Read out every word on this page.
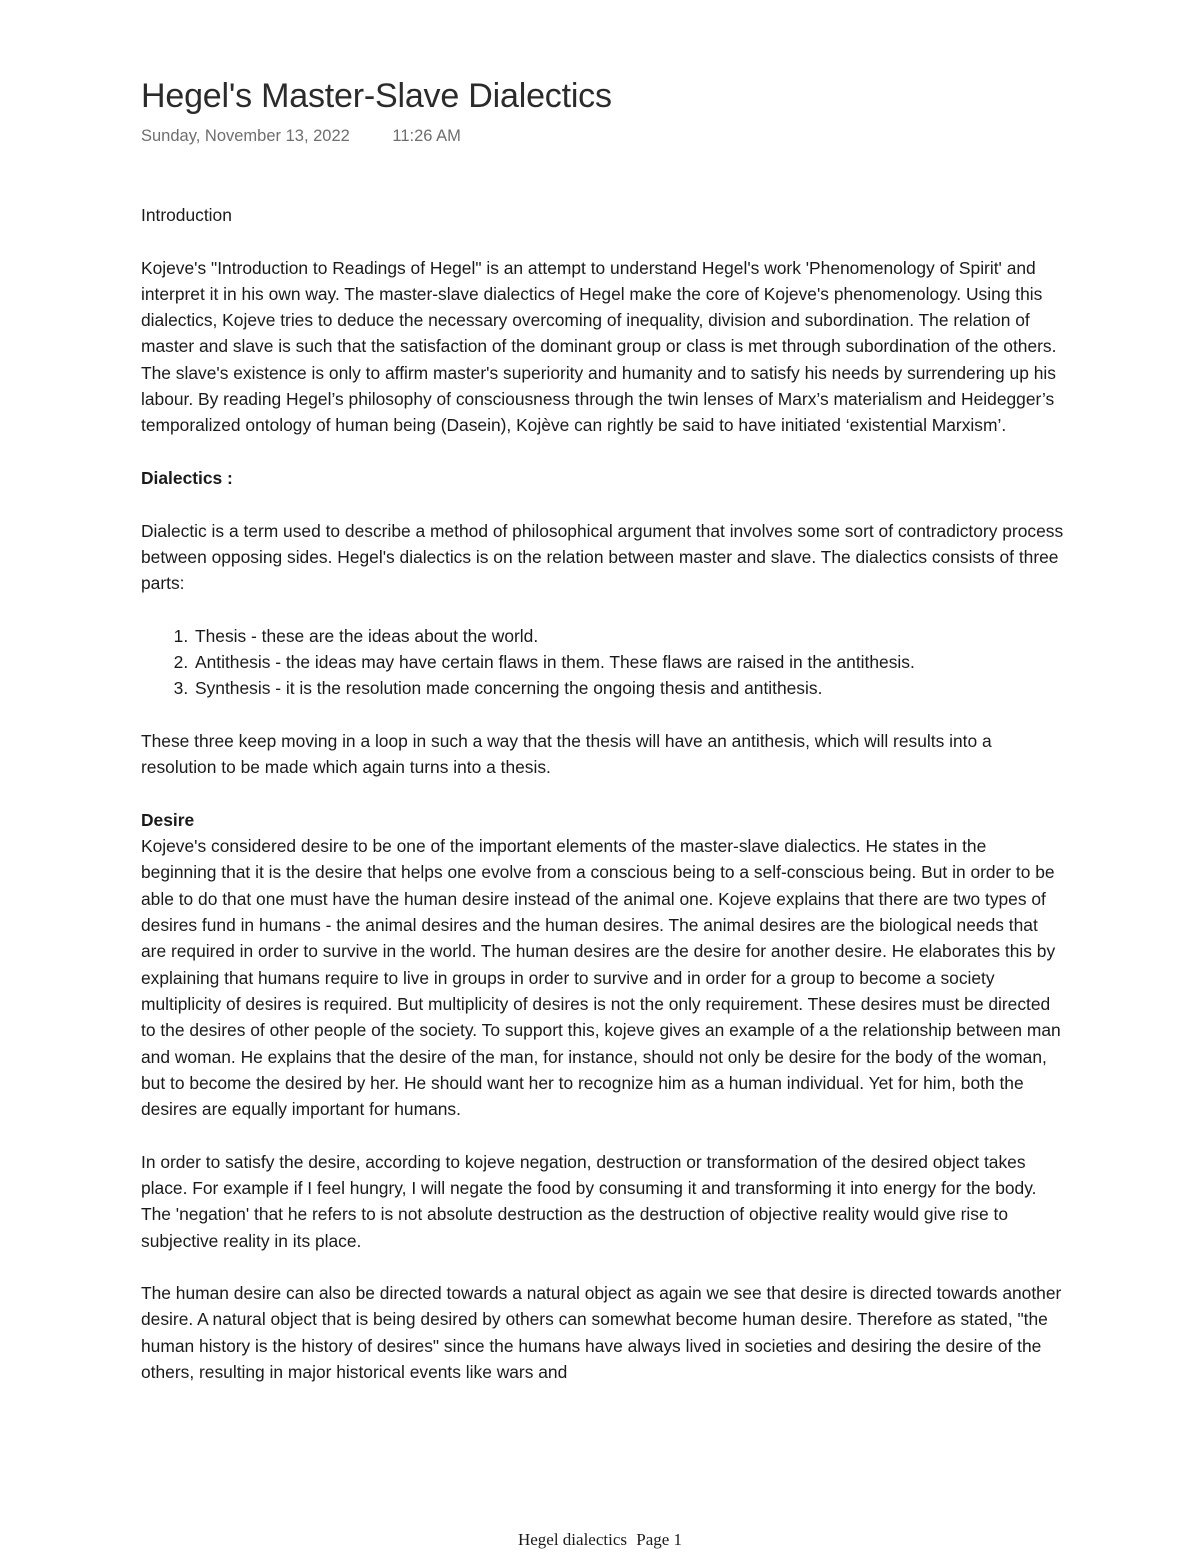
Hegel's Master-Slave Dialectics
Sunday, November 13, 2022	11:26 AM

Introduction

Kojeve's "Introduction to Readings of Hegel" is an attempt to understand Hegel's work 'Phenomenology of Spirit' and interpret it in his own way. The master-slave dialectics of Hegel make the core of Kojeve's phenomenology. Using this dialectics, Kojeve tries to deduce the necessary overcoming of inequality, division and subordination. The relation of master and slave is such that the satisfaction of the dominant group or class is met through subordination of the others. The slave's existence is only to affirm master's superiority and humanity and to satisfy his needs by surrendering up his labour. By reading Hegel’s philosophy of consciousness through the twin lenses of Marx’s materialism and Heidegger’s temporalized ontology of human being (Dasein), Kojève can rightly be said to have initiated ‘existential Marxism’.

Dialectics :

Dialectic is a term used to describe a method of philosophical argument that involves some sort of contradictory process between opposing sides. Hegel's dialectics is on the relation between master and slave. The dialectics consists of three parts:

1. Thesis - these are the ideas about the world.
2. Antithesis - the ideas may have certain flaws in them. These flaws are raised in the antithesis.
3. Synthesis - it is the resolution made concerning the ongoing thesis and antithesis.

These three keep moving in a loop in such a way that the thesis will have an antithesis, which will results into a resolution to be made which again turns into a thesis.

Desire

Kojeve's considered desire to be one of the important elements of the master-slave dialectics. He states in the beginning that it is the desire that helps one evolve from a conscious being to a self-conscious being. But in order to be able to do that one must have the human desire instead of the animal one. Kojeve explains that there are two types of desires fund in humans - the animal desires and the human desires. The animal desires are the biological needs that are required in order to survive in the world. The human desires are the desire for another desire. He elaborates this by explaining that humans require to live in groups in order to survive and in order for a group to become a society multiplicity of desires is required. But multiplicity of desires is not the only requirement. These desires must be directed to the desires of other people of the society. To support this, kojeve gives an example of a the relationship between man and woman. He explains that the desire of the man, for instance, should not only be desire for the body of the woman, but to become the desired by her. He should want her to recognize him as a human individual. Yet for him, both the desires are equally important for humans.

In order to satisfy the desire, according to kojeve negation, destruction or transformation of the desired object takes place. For example if I feel hungry, I will negate the food by consuming it and transforming it into energy for the body. The 'negation' that he refers to is not absolute destruction as the destruction of objective reality would give rise to subjective reality in its place.

The human desire can also be directed towards a natural object as again we see that desire is directed towards another desire. A natural object that is being desired by others can somewhat become human desire. Therefore as stated, "the human history is the history of desires" since the humans have always lived in societies and desiring the desire of the others, resulting in major historical events like wars and

Hegel dialectics Page 1
